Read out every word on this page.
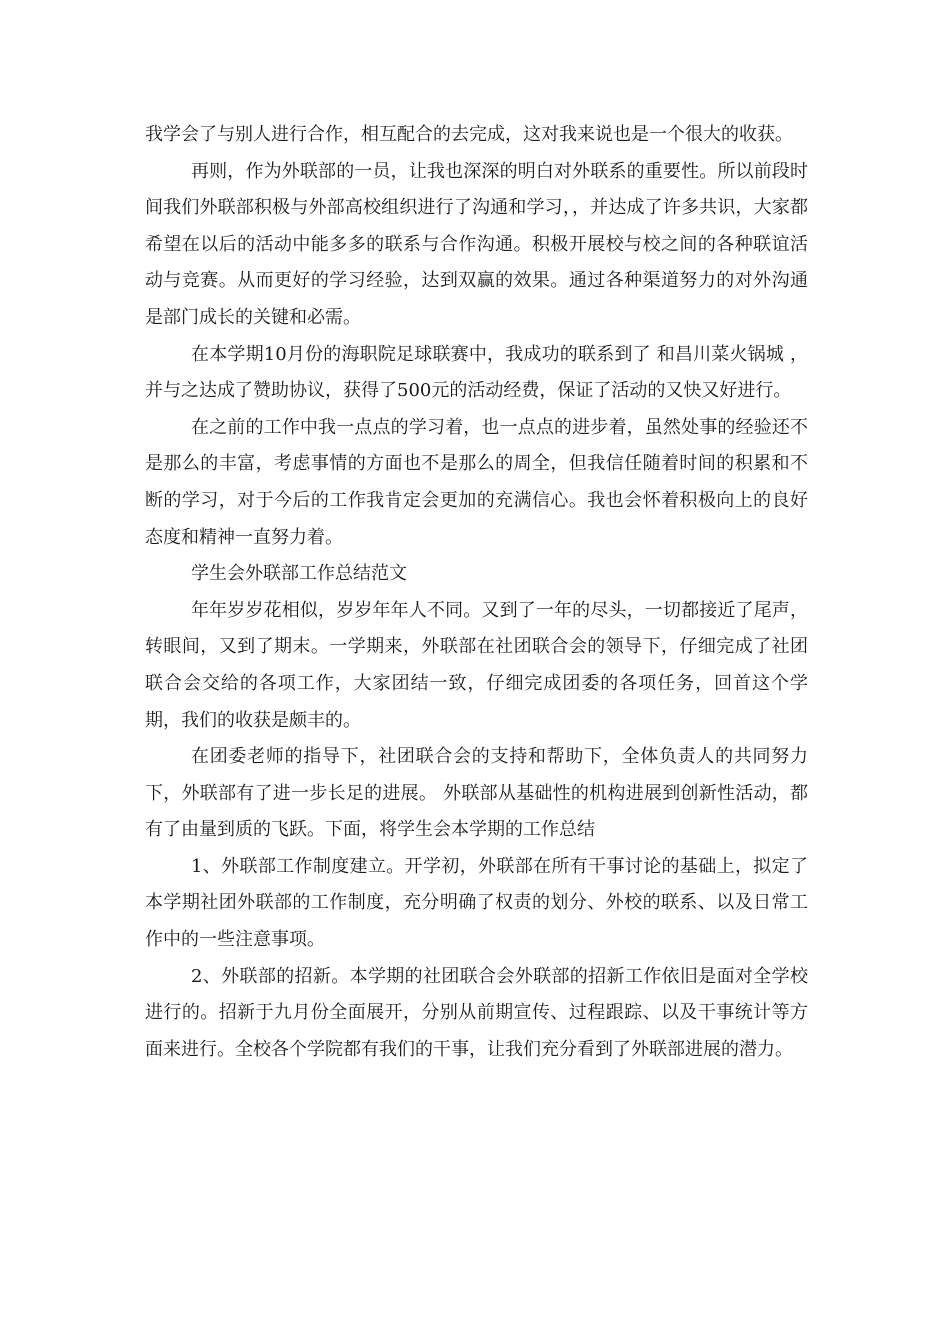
我学会了与别人进行合作，相互配合的去完成，这对我来说也是一个很大的收获。

再则，作为外联部的一员，让我也深深的明白对外联系的重要性。所以前段时间我们外联部积极与外部高校组织进行了沟通和学习，，并达成了许多共识，大家都希望在以后的活动中能多多的联系与合作沟通。积极开展校与校之间的各种联谊活动与竞赛。从而更好的学习经验，达到双赢的效果。通过各种渠道努力的对外沟通是部门成长的关键和必需。

在本学期10月份的海职院足球联赛中，我成功的联系到了 和昌川菜火锅城 ，并与之达成了赞助协议，获得了500元的活动经费，保证了活动的又快又好进行。

在之前的工作中我一点点的学习着，也一点点的进步着，虽然处事的经验还不是那么的丰富，考虑事情的方面也不是那么的周全，但我信任随着时间的积累和不断的学习，对于今后的工作我肯定会更加的充满信心。我也会怀着积极向上的良好态度和精神一直努力着。

学生会外联部工作总结范文

年年岁岁花相似，岁岁年年人不同。又到了一年的尽头，一切都接近了尾声，转眼间，又到了期末。一学期来，外联部在社团联合会的领导下，仔细完成了社团联合会交给的各项工作，大家团结一致，仔细完成团委的各项任务，回首这个学期，我们的收获是颇丰的。

在团委老师的指导下，社团联合会的支持和帮助下，全体负责人的共同努力下，外联部有了进一步长足的进展。 外联部从基础性的机构进展到创新性活动，都有了由量到质的飞跃。下面，将学生会本学期的工作总结

1、外联部工作制度建立。开学初，外联部在所有干事讨论的基础上，拟定了本学期社团外联部的工作制度，充分明确了权责的划分、外校的联系、以及日常工作中的一些注意事项。

2、外联部的招新。本学期的社团联合会外联部的招新工作依旧是面对全学校进行的。招新于九月份全面展开，分别从前期宣传、过程跟踪、以及干事统计等方面来进行。全校各个学院都有我们的干事，让我们充分看到了外联部进展的潜力。
